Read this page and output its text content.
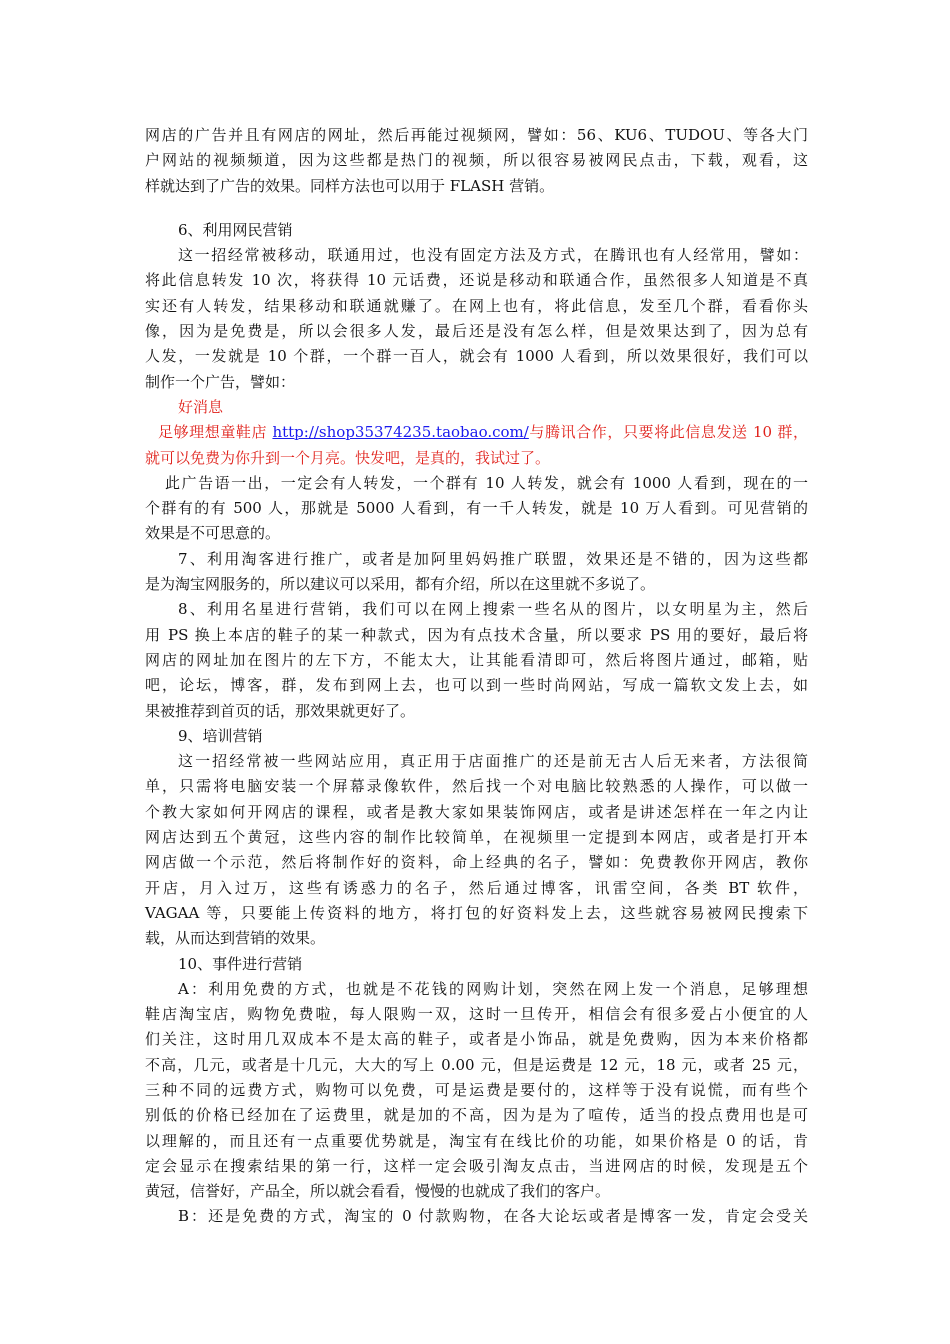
网店的广告并且有网店的网址，然后再能过视频网，譬如：56、KU6、TUDOU、等各大门
户网站的视频频道，因为这些都是热门的视频，所以很容易被网民点击，下载，观看，这
样就达到了广告的效果。同样方法也可以用于 FLASH 营销。
6、利用网民营销
这一招经常被移动，联通用过，也没有固定方法及方式，在腾讯也有人经常用，譬如：
将此信息转发 10 次，将获得 10 元话费，还说是移动和联通合作，虽然很多人知道是不真
实还有人转发，结果移动和联通就赚了。在网上也有，将此信息，发至几个群，看看你头
像，因为是免费是，所以会很多人发，最后还是没有怎么样，但是效果达到了，因为总有
人发，一发就是 10 个群，一个群一百人，就会有 1000 人看到，所以效果很好，我们可以
制作一个广告，譬如：
好消息
足够理想童鞋店 http://shop35374235.taobao.com/与腾讯合作，只要将此信息发送 10 群，
就可以免费为你升到一个月亮。快发吧，是真的，我试过了。
此广告语一出，一定会有人转发，一个群有 10 人转发，就会有 1000 人看到，现在的一
个群有的有 500 人，那就是 5000 人看到，有一千人转发，就是 10 万人看到。可见营销的
效果是不可思意的。
7、利用淘客进行推广，或者是加阿里妈妈推广联盟，效果还是不错的，因为这些都
是为淘宝网服务的，所以建议可以采用，都有介绍，所以在这里就不多说了。
8、利用名星进行营销，我们可以在网上搜索一些名从的图片，以女明星为主，然后
用 PS 换上本店的鞋子的某一种款式，因为有点技术含量，所以要求 PS 用的要好，最后将
网店的网址加在图片的左下方，不能太大，让其能看清即可，然后将图片通过，邮箱，贴
吧，论坛，博客，群，发布到网上去，也可以到一些时尚网站，写成一篇软文发上去，如
果被推荐到首页的话，那效果就更好了。
9、培训营销
这一招经常被一些网站应用，真正用于店面推广的还是前无古人后无来者，方法很简
单，只需将电脑安装一个屏幕录像软件，然后找一个对电脑比较熟悉的人操作，可以做一
个教大家如何开网店的课程，或者是教大家如果装饰网店，或者是讲述怎样在一年之内让
网店达到五个黄冠，这些内容的制作比较简单，在视频里一定提到本网店，或者是打开本
网店做一个示范，然后将制作好的资料，命上经典的名子，譬如：免费教你开网店，教你
开店，月入过万，这些有诱惑力的名子，然后通过博客，讯雷空间，各类 BT 软件，
VAGAA 等，只要能上传资料的地方，将打包的好资料发上去，这些就容易被网民搜索下
载，从而达到营销的效果。
10、事件进行营销
A：利用免费的方式，也就是不花钱的网购计划，突然在网上发一个消息，足够理想
鞋店淘宝店，购物免费啦，每人限购一双，这时一旦传开，相信会有很多爱占小便宜的人
们关注，这时用几双成本不是太高的鞋子，或者是小饰品，就是免费购，因为本来价格都
不高，几元，或者是十几元，大大的写上 0.00 元，但是运费是 12 元，18 元，或者 25 元，
三种不同的远费方式，购物可以免费，可是运费是要付的，这样等于没有说慌，而有些个
别低的价格已经加在了运费里，就是加的不高，因为是为了喧传，适当的投点费用也是可
以理解的，而且还有一点重要优势就是，淘宝有在线比价的功能，如果价格是 0 的话，肯
定会显示在搜索结果的第一行，这样一定会吸引淘友点击，当进网店的时候，发现是五个
黄冠，信誉好，产品全，所以就会看看，慢慢的也就成了我们的客户。
B：还是免费的方式，淘宝的 0 付款购物，在各大论坛或者是博客一发，肯定会受关
